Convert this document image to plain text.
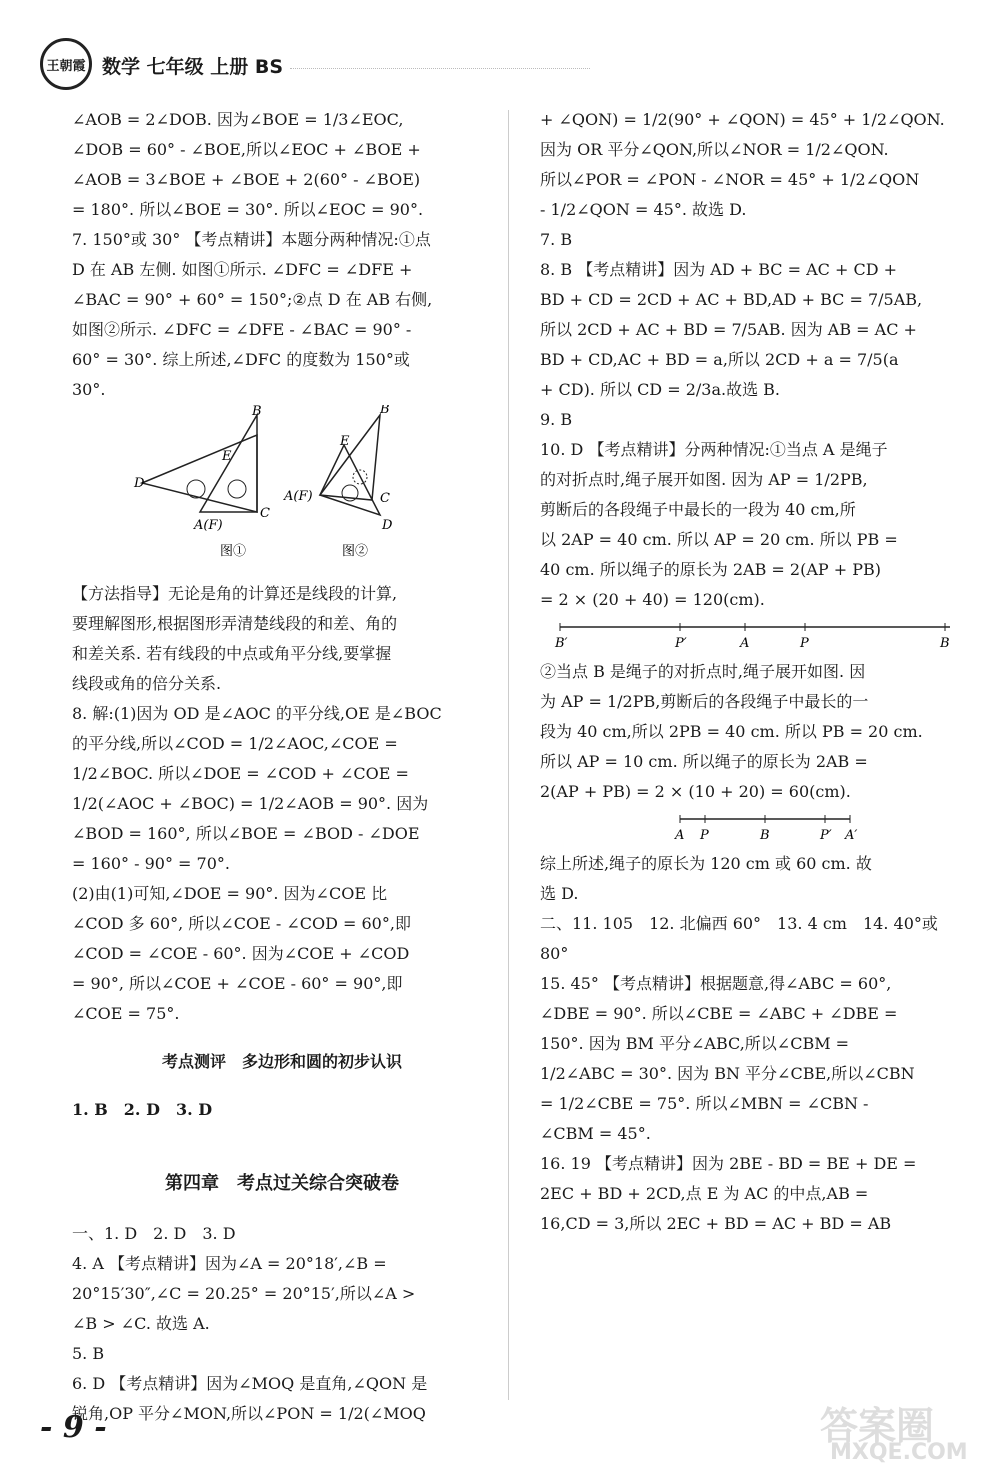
王朝霞 数学 七年级 上册 BS

∠AOB = 2∠DOB. 因为∠BOE = 1/3∠EOC,

∠DOB = 60° - ∠BOE,所以∠EOC + ∠BOE +

∠AOB = 3∠BOE + ∠BOE + 2(60° - ∠BOE)

= 180°. 所以∠BOE = 30°. 所以∠EOC = 90°.

7. 150°或 30° 【考点精讲】本题分两种情况:①点

D 在 AB 左侧. 如图①所示. ∠DFC = ∠DFE +

∠BAC = 90° + 60° = 150°;②点 D 在 AB 右侧,

如图②所示. ∠DFC = ∠DFE - ∠BAC = 90° -

60° = 30°. 综上所述,∠DFC 的度数为 150°或

30°.

B
E
D
A(F)
C
图①
B
E
A(F)	C
D
图②

【方法指导】无论是角的计算还是线段的计算,

要理解图形,根据图形弄清楚线段的和差、角的

和差关系. 若有线段的中点或角平分线,要掌握

线段或角的倍分关系.

8. 解:(1)因为 OD 是∠AOC 的平分线,OE 是∠BOC

的平分线,所以∠COD = 1/2∠AOC,∠COE =

1/2∠BOC. 所以∠DOE = ∠COD + ∠COE =

1/2(∠AOC + ∠BOC) = 1/2∠AOB = 90°. 因为

∠BOD = 160°, 所以∠BOE = ∠BOD - ∠DOE

= 160° - 90° = 70°.

(2)由(1)可知,∠DOE = 90°. 因为∠COE 比

∠COD 多 60°, 所以∠COE - ∠COD = 60°,即

∠COD = ∠COE - 60°. 因为∠COE + ∠COD

= 90°, 所以∠COE + ∠COE - 60° = 90°,即

∠COE = 75°.

考点测评　多边形和圆的初步认识

1. B　2. D　3. D

第四章　考点过关综合突破卷

一、1. D　2. D　3. D

4. A 【考点精讲】因为∠A = 20°18′,∠B =

20°15′30″,∠C = 20.25° = 20°15′,所以∠A >

∠B > ∠C. 故选 A.

5. B

6. D 【考点精讲】因为∠MOQ 是直角,∠QON 是

锐角,OP 平分∠MON,所以∠PON = 1/2(∠MOQ

+ ∠QON) = 1/2(90° + ∠QON) = 45° + 1/2∠QON.

因为 OR 平分∠QON,所以∠NOR = 1/2∠QON.

所以∠POR = ∠PON - ∠NOR = 45° + 1/2∠QON

- 1/2∠QON = 45°. 故选 D.

7. B

8. B 【考点精讲】因为 AD + BC = AC + CD +

BD + CD = 2CD + AC + BD,AD + BC = 7/5AB,

所以 2CD + AC + BD = 7/5AB. 因为 AB = AC +

BD + CD,AC + BD = a,所以 2CD + a = 7/5(a

+ CD). 所以 CD = 2/3a.故选 B.

9. B

10. D 【考点精讲】分两种情况:①当点 A 是绳子

的对折点时,绳子展开如图. 因为 AP = 1/2PB,

剪断后的各段绳子中最长的一段为 40 cm,所

以 2AP = 40 cm. 所以 AP = 20 cm. 所以 PB =

40 cm. 所以绳子的原长为 2AB = 2(AP + PB)

= 2 × (20 + 40) = 120(cm).

B′	P′	A	P	B

②当点 B 是绳子的对折点时,绳子展开如图. 因

为 AP = 1/2PB,剪断后的各段绳子中最长的一

段为 40 cm,所以 2PB = 40 cm. 所以 PB = 20 cm.

所以 AP = 10 cm. 所以绳子的原长为 2AB =

2(AP + PB) = 2 × (10 + 20) = 60(cm).

A P	B	P′ A′

综上所述,绳子的原长为 120 cm 或 60 cm. 故

选 D.

二、11. 105　12. 北偏西 60°　13. 4 cm　14. 40°或 80°

15. 45° 【考点精讲】根据题意,得∠ABC = 60°,

∠DBE = 90°. 所以∠CBE = ∠ABC + ∠DBE =

150°. 因为 BM 平分∠ABC,所以∠CBM =

1/2∠ABC = 30°. 因为 BN 平分∠CBE,所以∠CBN

= 1/2∠CBE = 75°. 所以∠MBN = ∠CBN -

∠CBM = 45°.

16. 19 【考点精讲】因为 2BE - BD = BE + DE =

2EC + BD + 2CD,点 E 为 AC 的中点,AB =

16,CD = 3,所以 2EC + BD = AC + BD = AB

- 9 -	答案圈
MXQE.COM
